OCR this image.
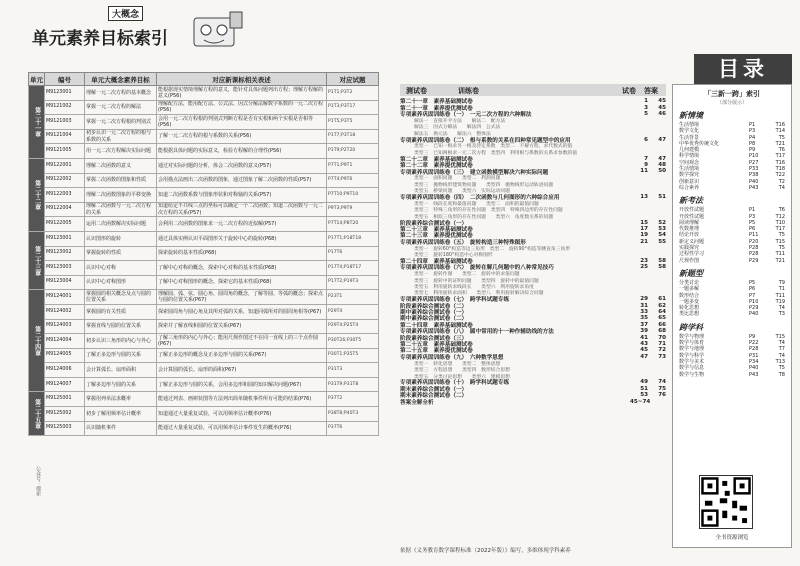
大概念
单元素养目标索引
单元	编号	单元大概念素养目标	对应新课标相关表述	对应试题
第二十一章	M9123001	理解一元二次方程的基本概念	能根据现实情境理解方程的意义，能针对具体问题列出方程；理解方程解的意义(P56)	P1T1;P3T2
	M9121002	掌握一元二次方程的解法	理解配方法，能用配方法、公式法、因式分解法解数字系数的一元二次方程(P56)	P1T3;P3T17
	M9121003	掌握一元二次方程根的判别式	会用一元二次方程根的判别式判断方程是否有实根和两个实根是否相等(P56)	P1T5;P3T5
	M9121004	初步认识一元二次方程的根与系数的关系	了解一元二次方程的根与系数的关系(P56)	P1T7;P3T18
	M9121005	用一元二次方程解决实际问题	能根据具体问题的实际意义，检验方程解的合理性(P56)	P1T9;P2T20
第二十二章	M9122001	理解二次函数的意义	通过对实际问题的分析，体会二次函数的意义(P57)	P7T1;P9T1
	M9122002	掌握二次函数的图象和性质	会用描点法画出二次函数的图象，通过图象了解二次函数的性质(P57)	P7T4;P9T6
	M9122003	理解二次函数图象的平移变换	知道二次函数系数与图象形状和对称轴的关系(P57)	P7T10;P9T10
	M9122004	理解二次函数与一元二次方程的关系	知道给定不共线三点的坐标可以确定一个二次函数；知道二次函数与一元二次方程的关系(P57)	P9T3;P9T9
	M9122005	运用二次函数解决实际问题	会利用二次函数的图象求一元二次方程的近似解(P57)	P7T14;P8T20
第二十三章	M9123001	认识图形的旋转	通过具体实例认识平面图形关于旋转中心的旋转(P68)	P17T1;P18T18
	M9123002	掌握旋转的性质	探索旋转的基本性质(P68)	P17T6
	M9123003	认识中心对称	了解中心对称的概念，探索中心对称的基本性质(P68)	P17T4;P18T17
	M9123004	认识中心对称图形	了解中心对称图形的概念，探索它的基本性质(P68)	P17T2;P19T3
第二十四章	M9124001	掌握圆的相关概念及点与圆的位置关系	理解圆、弧、弦、圆心角、圆周角的概念，了解等圆、等弧的概念；探索点与圆的位置关系(P67)	P23T1
	M9124002	掌握圆的有关性质	探索圆周角与圆心角及其所对弧的关系，知道同弧所对的圆周角相等(P67)	P29T4
	M9124003	掌握直线与圆的位置关系	探索并了解直线和圆的位置关系(P67)	P29T4;P25T4
	M9124004	初步认识三角形的内心与外心	了解三角形的内心与外心；能用尺规作图过不在同一直线上的三个点作圆(P67)	P30T26;P30T5
	M9124005	了解正多边形与圆的关系	了解正多边形的概念及正多边形与圆的关系(P67)	P30T1;P35T5
	M9124006	会计算弧长、扇形面积	会计算圆的弧长、扇形的面积(P67)	P31T3
	M9124007	了解多边形与圆的关系	了解正多边形与圆的关系，会用多边形和圆的知识解决问题(P67)	P31T9;P31T8
第二十五章	M9125001	掌握用列举法求概率	能通过列表、画树状图等方法列出简单随机事件所有可能的结果(P76)	P37T2
	M9125002	初步了解用频率估计概率	知道通过大量重复试验，可以用频率估计概率(P76)	P38T8;P40T3
	M9125003	认识随机事件	能通过大量重复试验，可以用频率估计事件发生的概率(P76)	P37T6
公众号：搜索
目录
测试卷	训练卷	试卷 答案
第二十一章　素养基础测试卷	1	45
第二十一章　素养提优测试卷	3	45
专项素养巩固训练卷（一）　一元二次方程的六种解法	5	46
解法一　直接开平方法　　解法二　配方法
解法三　因式分解法　　解法四　公式法
解法五　换元法　　解法六　整体法
专项素养巩固训练卷（二）　根与系数的关系在四种常见题型中的应用	6	47
类型一　已知一根求另一根及待定系数　类型二　不解方程，求代数式的值
类型三　已知两根求一元二次方程　类型四　利用根与系数的关系求参数的值
第二十二章　素养基础测试卷	7	47
第二十二章　素养提优测试卷	9	48
专项素养巩固训练卷（三）　建立函数模型解决六种实际问题	11	50
类型一　面积问题　　类型二　利润问题
类型三　抛物线形建筑物问题　　类型四　抛物线形运动轨迹问题
类型五　桥梁问题　　类型六　实际运动问题
专项素养巩固训练卷（四）　二次函数与几何图形的六种综合应用	13	51
类型一　线段长度和最值问题　　类型二　面积的最值问题
类型三　特殊三角形的存在性问题　类型四　特殊四边形的存在性问题
类型五　相似三角形的存在性问题　　类型六　角度数关系的问题
阶段素养综合测试卷（一）	15	52
第二十三章　素养基础测试卷	17	53
第二十三章　素养提优测试卷	19	54
专项素养巩固训练卷（五）　旋转构造三种特殊图形	21	55
类型一　旋转60°构造等边三角形　类型二　旋转90°构造等腰直角三角形
类型三　旋转180°构造中心对称图形
第二十四章　素养基础测试卷	23	58
专项素养巩固训练卷（六）　旋转在解几何题中的八种常见技巧	25	58
类型一　旋转作图　　类型二　旋转中的求值问题
类型三　旋转中的证明问题　　类型四　旋转中的最值问题
类型五　利用旋转求线段长　　类型六　利用旋转求角度
类型七　利用旋转求面积　　类型八　利用旋转解决综合问题
专项素养巩固训练卷（七）　跨学科试题专练	29	61
阶段素养综合测试卷（二）	31	62
期中素养综合测试卷（一）	33	64
期中素养综合测试卷（二）	35	65
第二十四章　素养基础测试卷	37	66
专项素养巩固训练卷（八）　圆中常用的十一种作辅助线的方法	39	68
阶段素养综合测试卷（三）	41	70
第二十五章　素养基础测试卷	43	71
第二十五章　素养提优测试卷	45	72
专项素养巩固训练卷（九）　六种数学思想	47	73
类型一　转化思想　　类型二　整体思想
类型三　方程思想　　类型四　数形结合思想
类型五　分类讨论思想　　类型六　建模思想
专项素养巩固训练卷（十）　跨学科试题专练	49	74
期末素养综合测试卷（一）	51	75
期末素养综合测试卷（二）	53	76
答案全解全析	45~74
依据《义务教育数学课程标准（2022年版）》编写，多维体现学科素养
「三新一跨」索引
（部分展示）
新情境
生活情境	P1	T16
数学文化	P3	T14
生活背景	P4	T5
中华优秀传统文化	P8	T21
几何建模	P9	T6
科学情境	P10	T17
空间观念	P27	T16
生活情境	P33	T18
数学探究	P38	T22
创新意识	P40	T2
综合素养	P43	T4
新考法
开放性试题	P1	T6
开放性试题	P3	T12
阅读理解	P5	T10
代数推理	P6	T17
结论开放	P11	T5
新定义问题	P20	T15
实践探究	P28	T5
过程性学习	P28	T11
尺规作图	P29	T21
新题型
分类讨论	P5	T9
一题多解	P6	T1
数形结合	P7	T11
一题多变	P10	T19
转化思想	P29	T4
类比思想	P40	T3
跨学科
数学与物理	P9	T15
数学与体育	P22	T4
数学与地理	P28	T7
数学与科学	P31	T4
数学与美术	P34	T13
数学与信息	P40	T5
数学与生物	P43	T8
全书资源浏览
